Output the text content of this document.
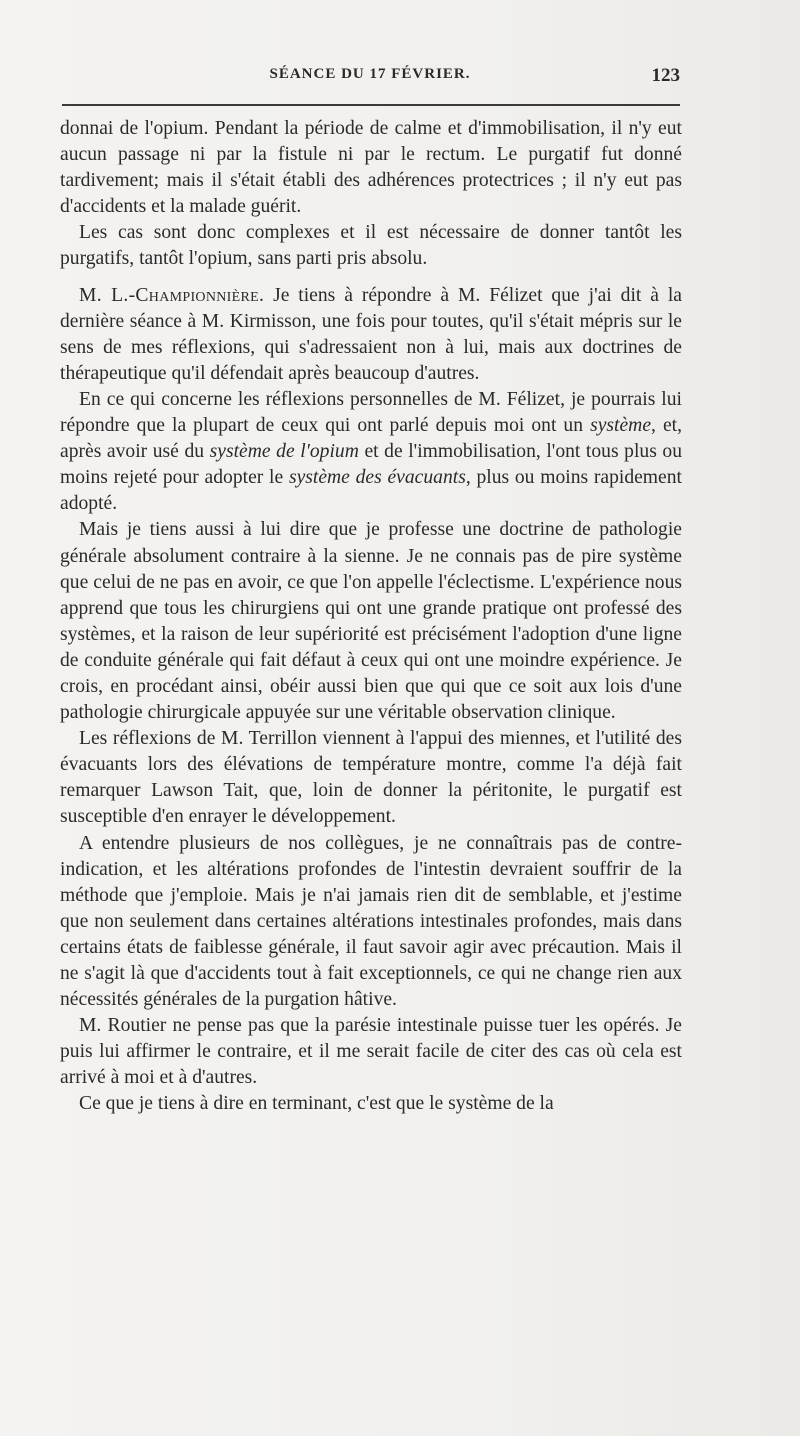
SÉANCE DU 17 FÉVRIER.	123

donnai de l'opium. Pendant la période de calme et d'immobilisation, il n'y eut aucun passage ni par la fistule ni par le rectum. Le purgatif fut donné tardivement; mais il s'était établi des adhérences protectrices ; il n'y eut pas d'accidents et la malade guérit.

Les cas sont donc complexes et il est nécessaire de donner tantôt les purgatifs, tantôt l'opium, sans parti pris absolu.

M. L.-Championnière. Je tiens à répondre à M. Félizet que j'ai dit à la dernière séance à M. Kirmisson, une fois pour toutes, qu'il s'était mépris sur le sens de mes réflexions, qui s'adressaient non à lui, mais aux doctrines de thérapeutique qu'il défendait après beaucoup d'autres.

En ce qui concerne les réflexions personnelles de M. Félizet, je pourrais lui répondre que la plupart de ceux qui ont parlé depuis moi ont un système, et, après avoir usé du système de l'opium et de l'immobilisation, l'ont tous plus ou moins rejeté pour adopter le système des évacuants, plus ou moins rapidement adopté.

Mais je tiens aussi à lui dire que je professe une doctrine de pathologie générale absolument contraire à la sienne. Je ne connais pas de pire système que celui de ne pas en avoir, ce que l'on appelle l'éclectisme. L'expérience nous apprend que tous les chirurgiens qui ont une grande pratique ont professé des systèmes, et la raison de leur supériorité est précisément l'adoption d'une ligne de conduite générale qui fait défaut à ceux qui ont une moindre expérience. Je crois, en procédant ainsi, obéir aussi bien que qui que ce soit aux lois d'une pathologie chirurgicale appuyée sur une véritable observation clinique.

Les réflexions de M. Terrillon viennent à l'appui des miennes, et l'utilité des évacuants lors des élévations de température montre, comme l'a déjà fait remarquer Lawson Tait, que, loin de donner la péritonite, le purgatif est susceptible d'en enrayer le développement.

A entendre plusieurs de nos collègues, je ne connaîtrais pas de contre-indication, et les altérations profondes de l'intestin devraient souffrir de la méthode que j'emploie. Mais je n'ai jamais rien dit de semblable, et j'estime que non seulement dans certaines altérations intestinales profondes, mais dans certains états de faiblesse générale, il faut savoir agir avec précaution. Mais il ne s'agit là que d'accidents tout à fait exceptionnels, ce qui ne change rien aux nécessités générales de la purgation hâtive.

M. Routier ne pense pas que la parésie intestinale puisse tuer les opérés. Je puis lui affirmer le contraire, et il me serait facile de citer des cas où cela est arrivé à moi et à d'autres.

Ce que je tiens à dire en terminant, c'est que le système de la
